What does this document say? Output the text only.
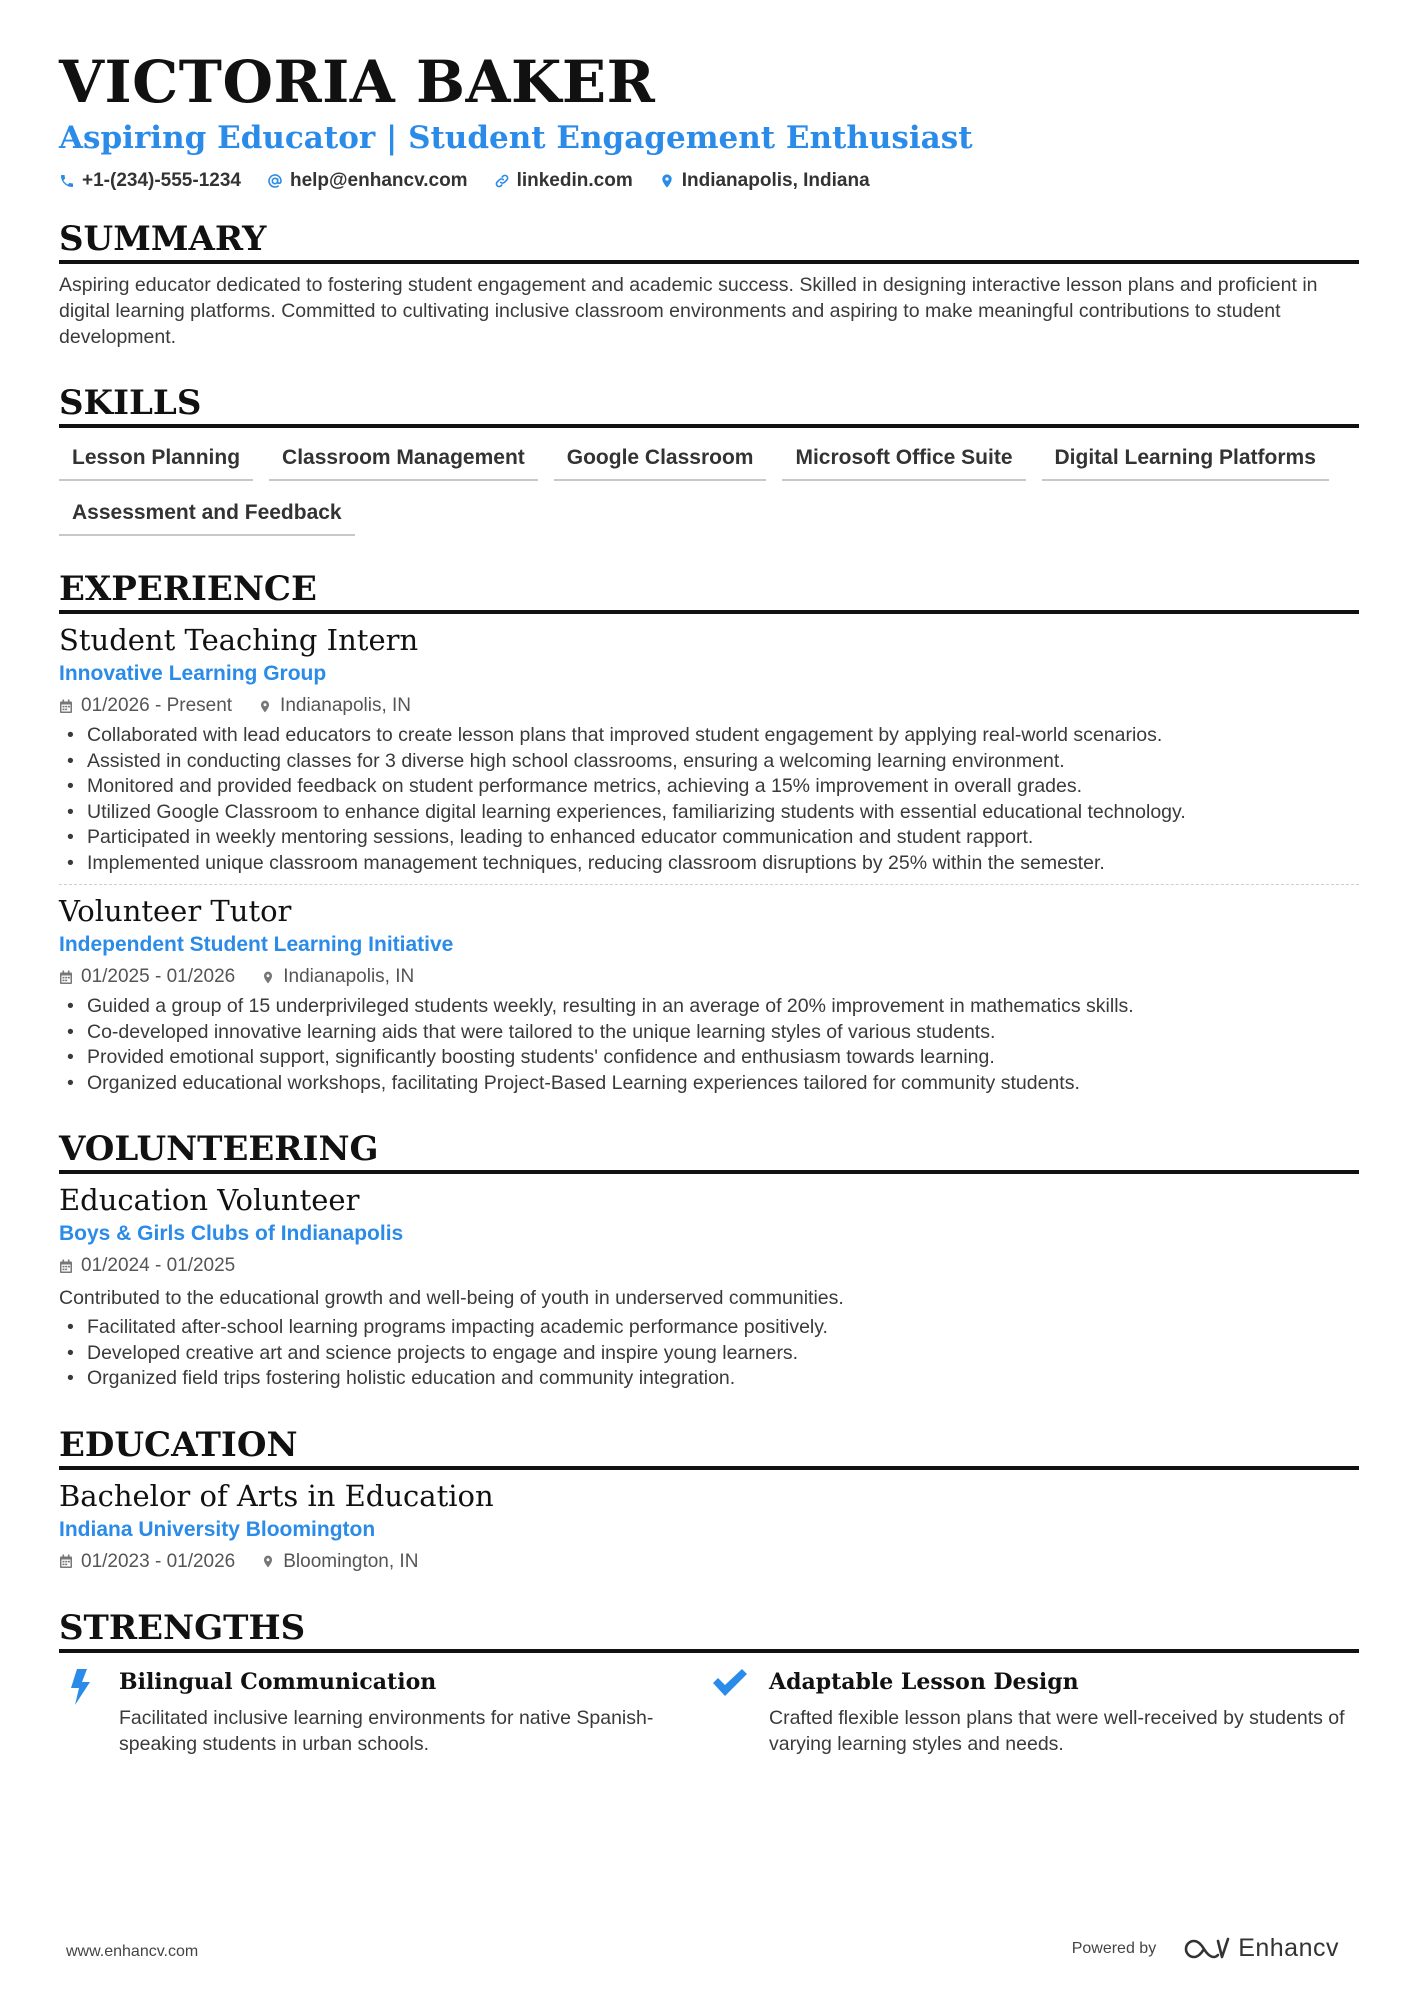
VICTORIA BAKER
Aspiring Educator | Student Engagement Enthusiast
+1-(234)-555-1234	help@enhancv.com	linkedin.com	Indianapolis, Indiana
SUMMARY
Aspiring educator dedicated to fostering student engagement and academic success. Skilled in designing interactive lesson plans and proficient in digital learning platforms. Committed to cultivating inclusive classroom environments and aspiring to make meaningful contributions to student development.
SKILLS
Lesson Planning	Classroom Management	Google Classroom	Microsoft Office Suite	Digital Learning Platforms
Assessment and Feedback
EXPERIENCE
Student Teaching Intern
Innovative Learning Group
01/2026 - Present	Indianapolis, IN
• Collaborated with lead educators to create lesson plans that improved student engagement by applying real-world scenarios.
• Assisted in conducting classes for 3 diverse high school classrooms, ensuring a welcoming learning environment.
• Monitored and provided feedback on student performance metrics, achieving a 15% improvement in overall grades.
• Utilized Google Classroom to enhance digital learning experiences, familiarizing students with essential educational technology.
• Participated in weekly mentoring sessions, leading to enhanced educator communication and student rapport.
• Implemented unique classroom management techniques, reducing classroom disruptions by 25% within the semester.
Volunteer Tutor
Independent Student Learning Initiative
01/2025 - 01/2026	Indianapolis, IN
• Guided a group of 15 underprivileged students weekly, resulting in an average of 20% improvement in mathematics skills.
• Co-developed innovative learning aids that were tailored to the unique learning styles of various students.
• Provided emotional support, significantly boosting students' confidence and enthusiasm towards learning.
• Organized educational workshops, facilitating Project-Based Learning experiences tailored for community students.
VOLUNTEERING
Education Volunteer
Boys & Girls Clubs of Indianapolis
01/2024 - 01/2025
Contributed to the educational growth and well-being of youth in underserved communities.
• Facilitated after-school learning programs impacting academic performance positively.
• Developed creative art and science projects to engage and inspire young learners.
• Organized field trips fostering holistic education and community integration.
EDUCATION
Bachelor of Arts in Education
Indiana University Bloomington
01/2023 - 01/2026	Bloomington, IN
STRENGTHS
Bilingual Communication
Facilitated inclusive learning environments for native Spanish-speaking students in urban schools.
Adaptable Lesson Design
Crafted flexible lesson plans that were well-received by students of varying learning styles and needs.
www.enhancv.com	Powered by	Enhancv
